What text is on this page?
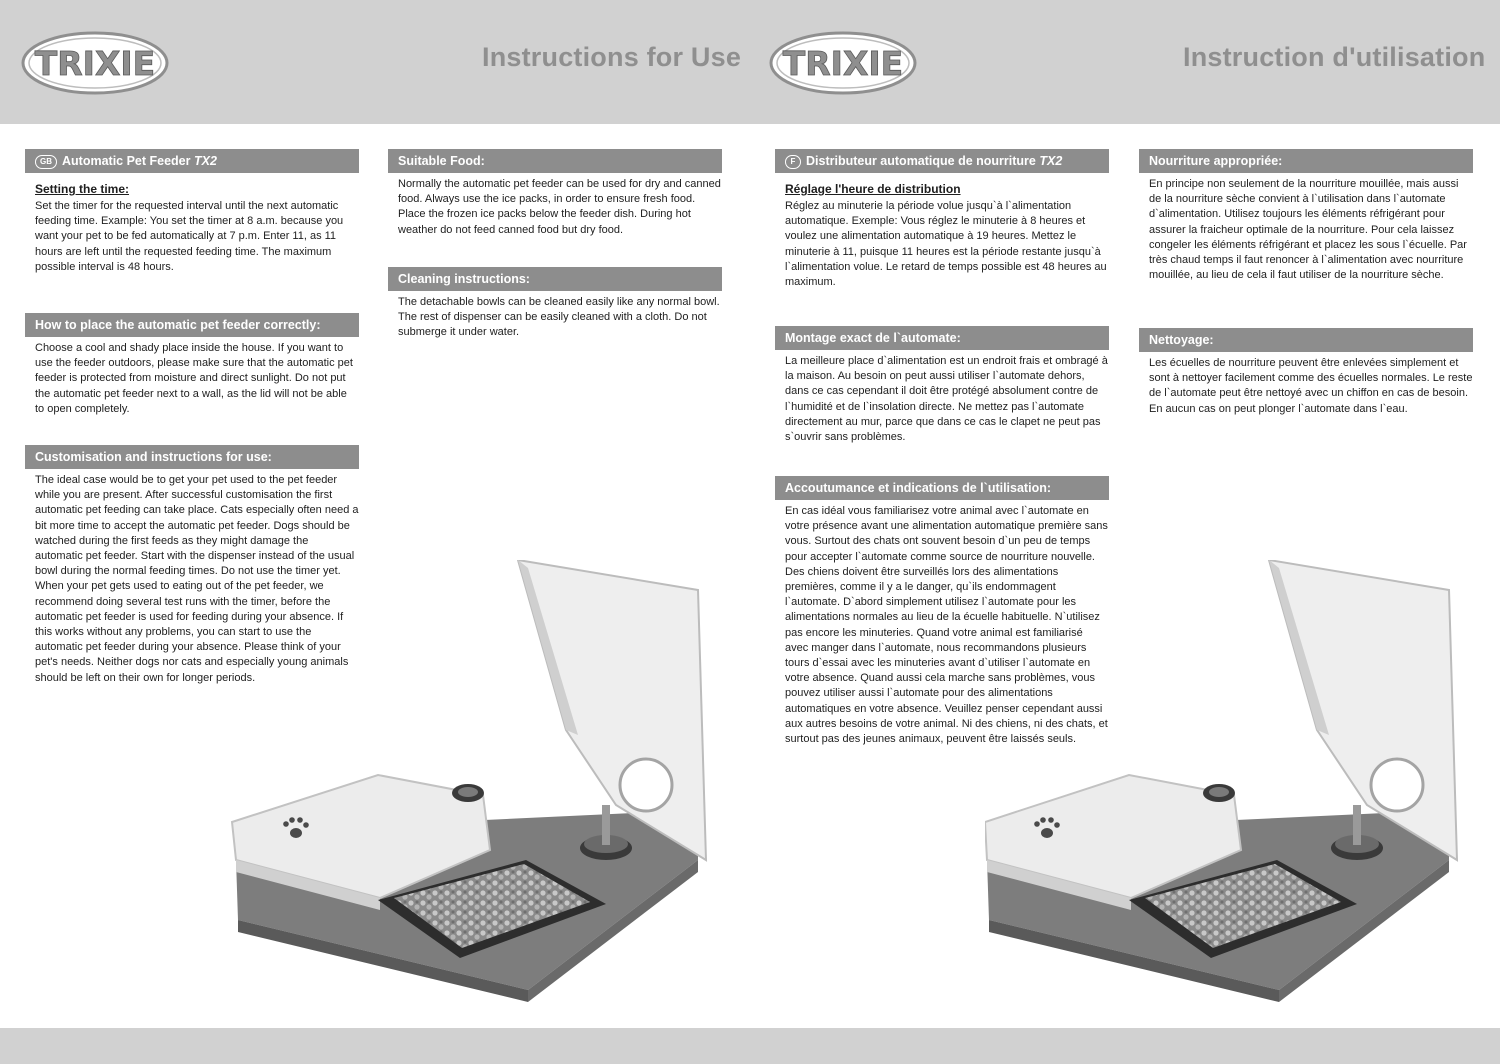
TRIXIE	Instructions for Use TRIXIE	Instruction d'utilisation
GB Automatic Pet Feeder TX2
Setting the time:

Set the timer for the requested interval until the next automatic feeding time. Example: You set the timer at 8 a.m. because you want your pet to be fed automatically at 7 p.m. Enter 11, as 11 hours are left until the requested feeding time. The maximum possible interval is 48 hours.

How to place the automatic pet feeder correctly:

Choose a cool and shady place inside the house. If you want to use the feeder outdoors, please make sure that the automatic pet feeder is protected from moisture and direct sunlight. Do not put the automatic pet feeder next to a wall, as the lid will not be able to open completely.

Customisation and instructions for use:

The ideal case would be to get your pet used to the pet feeder while you are present. After successful customisation the first automatic pet feeding can take place. Cats especially often need a bit more time to accept the automatic pet feeder. Dogs should be watched during the first feeds as they might damage the automatic pet feeder. Start with the dispenser instead of the usual bowl during the normal feeding times. Do not use the timer yet. When your pet gets used to eating out of the pet feeder, we recommend doing several test runs with the timer, before the automatic pet feeder is used for feeding during your absence. If this works without any problems, you can start to use the automatic pet feeder during your absence. Please think of your pet's needs. Neither dogs nor cats and especially young animals should be left on their own for longer periods.

Suitable Food:

Normally the automatic pet feeder can be used for dry and canned food. Always use the ice packs, in order to ensure fresh food. Place the frozen ice packs below the feeder dish. During hot weather do not feed canned food but dry food.

Cleaning instructions:

The detachable bowls can be cleaned easily like any normal bowl. The rest of dispenser can be easily cleaned with a cloth. Do not submerge it under water.

F Distributeur automatique de nourriture TX2
Réglage l'heure de distribution

Réglez au minuterie la période volue jusqu`à l`alimentation automatique. Exemple: Vous réglez le minuterie à 8 heures et voulez une alimentation automatique à 19 heures. Mettez le minuterie à 11, puisque 11 heures est la période restante jusqu`à l`alimentation volue. Le retard de temps possible est 48 heures au maximum.

Montage exact de l`automate:

La meilleure place d`alimentation est un endroit frais et ombragé à la maison. Au besoin on peut aussi utiliser l`automate dehors, dans ce cas cependant il doit être protégé absolument contre de l`humidité et de l`insolation directe. Ne mettez pas l`automate directement au mur, parce que dans ce cas le clapet ne peut pas s`ouvrir sans problèmes.

Accoutumance et indications de l`utilisation:

En cas idéal vous familiarisez votre animal avec l`automate en votre présence avant une alimentation automatique première sans vous. Surtout des chats ont souvent besoin d`un peu de temps pour accepter l`automate comme source de nourriture nouvelle. Des chiens doivent être surveillés lors des alimentations premières, comme il y a le danger, qu`ils endommagent l`automate. D`abord simplement utilisez l`automate pour les alimentations normales au lieu de la écuelle habituelle. N`utilisez pas encore les minuteries. Quand votre animal est familiarisé avec manger dans l`automate, nous recommandons plusieurs tours d`essai avec les minuteries avant d`utiliser l`automate en votre absence. Quand aussi cela marche sans problèmes, vous pouvez utiliser aussi l`automate pour des alimentations automatiques en votre absence. Veuillez penser cependant aussi aux autres besoins de votre animal. Ni des chiens, ni des chats, et surtout pas des jeunes animaux, peuvent être laissés seuls.

Nourriture appropriée:

En principe non seulement de la nourriture mouillée, mais aussi de la nourriture sèche convient à l`utilisation dans l`automate d`alimentation. Utilisez toujours les éléments réfrigérant pour assurer la fraicheur optimale de la nourriture. Pour cela laissez congeler les éléments réfrigérant et placez les sous l`écuelle. Par très chaud temps il faut renoncer à l`alimentation avec nourriture mouillée, au lieu de cela il faut utiliser de la nourriture sèche.

Nettoyage:

Les écuelles de nourriture peuvent être enlevées simplement et sont à nettoyer facilement comme des écuelles normales. Le reste de l`automate peut être nettoyé avec un chiffon en cas de besoin. En aucun cas on peut plonger l`automate dans l`eau.
